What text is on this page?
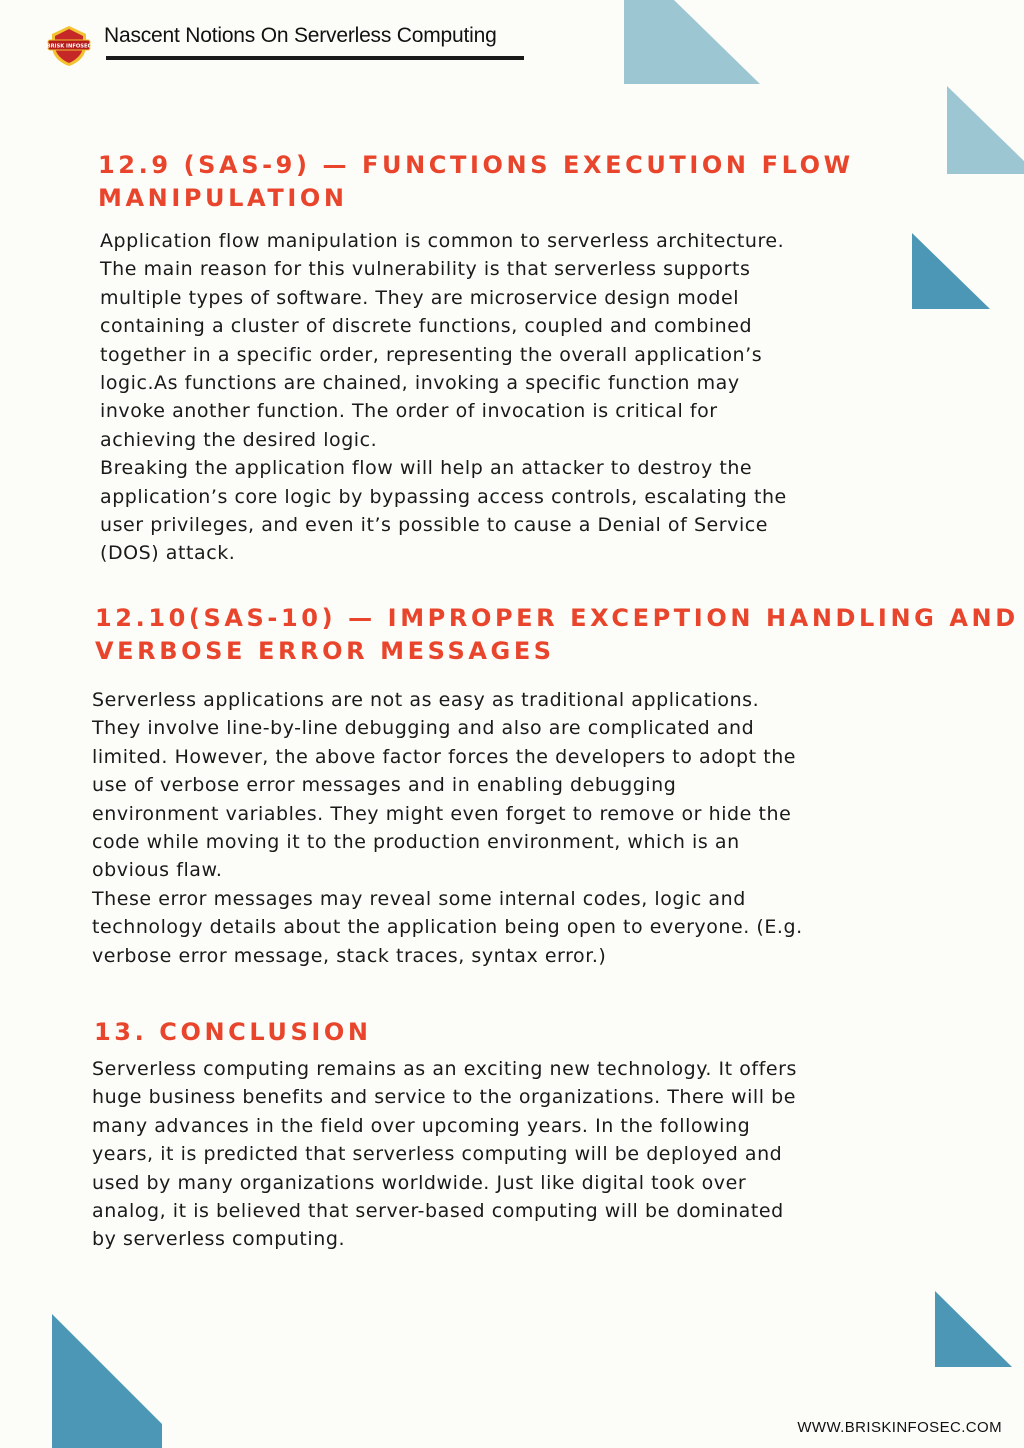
BRISK INFOSEC Nascent Notions On Serverless Computing
12.9 (SAS-9) — FUNCTIONS EXECUTION FLOW
MANIPULATION

Application flow manipulation is common to serverless architecture.
The main reason for this vulnerability is that serverless supports
multiple types of software. They are microservice design model
containing a cluster of discrete functions, coupled and combined
together in a specific order, representing the overall application’s
logic.As functions are chained, invoking a specific function may
invoke another function. The order of invocation is critical for
achieving the desired logic.
Breaking the application flow will help an attacker to destroy the
application’s core logic by bypassing access controls, escalating the
user privileges, and even it’s possible to cause a Denial of Service
(DOS) attack.

12.10(SAS-10) — IMPROPER EXCEPTION HANDLING AND
VERBOSE ERROR MESSAGES

Serverless applications are not as easy as traditional applications.
They involve line-by-line debugging and also are complicated and
limited. However, the above factor forces the developers to adopt the
use of verbose error messages and in enabling debugging
environment variables. They might even forget to remove or hide the
code while moving it to the production environment, which is an
obvious flaw.
These error messages may reveal some internal codes, logic and
technology details about the application being open to everyone. (E.g.
verbose error message, stack traces, syntax error.)

13. CONCLUSION

Serverless computing remains as an exciting new technology. It offers
huge business benefits and service to the organizations. There will be
many advances in the field over upcoming years. In the following
years, it is predicted that serverless computing will be deployed and
used by many organizations worldwide. Just like digital took over
analog, it is believed that server-based computing will be dominated
by serverless computing.

WWW.BRISKINFOSEC.COM
